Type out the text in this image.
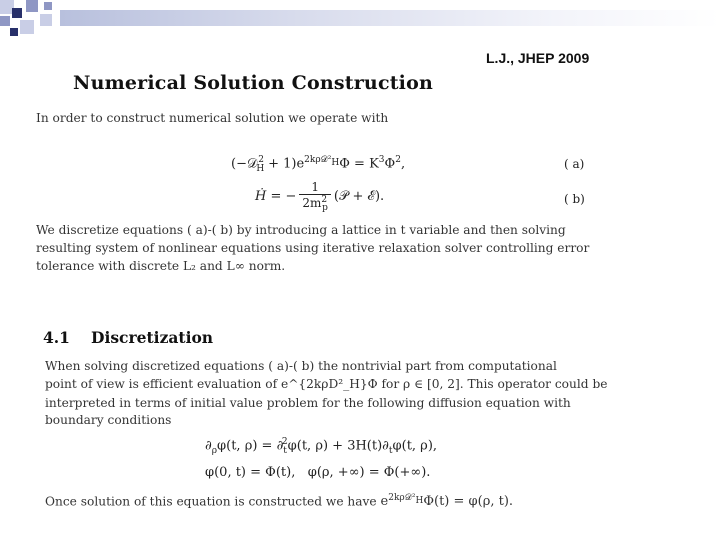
L.J., JHEP 2009
Numerical Solution Construction
In order to construct numerical solution we operate with
(−𝒟$_H^2$ + $1)e^{2k\rho 𝒟^2_H}\Phi = K^3\Phi^2$,	( a)
Ḣ = − $\frac{1}{2m^2_p}$ (𝒫 + ℰ).	( b)
We discretize equations ( a)-( b) by introducing a lattice in t variable and then solving
resulting system of nonlinear equations using iterative relaxation solver controlling error
tolerance with discrete L₂ and L∞ norm.
4.1 Discretization
When solving discretized equations ( a)-( b) the nontrivial part from computational
point of view is efficient evaluation of e^{2kρD²_H}Φ for ρ ∈ [0, 2]. This operator could be
interpreted in terms of initial value problem for the following diffusion equation with
boundary conditions
$\partial_\rho\varphi(t$, $\rho) = \partial_t^2\varphi(t$, $\rho) + 3H(t)\partial_t\varphi(t$, ρ),
φ(0, t) = Φ(t),   φ(ρ, +∞) = Φ(+∞).
Once solution of this equation is constructed we have $e^{2k\rho 𝒟^2_H}\Phi(t) = \varphi(\rho$, t).
